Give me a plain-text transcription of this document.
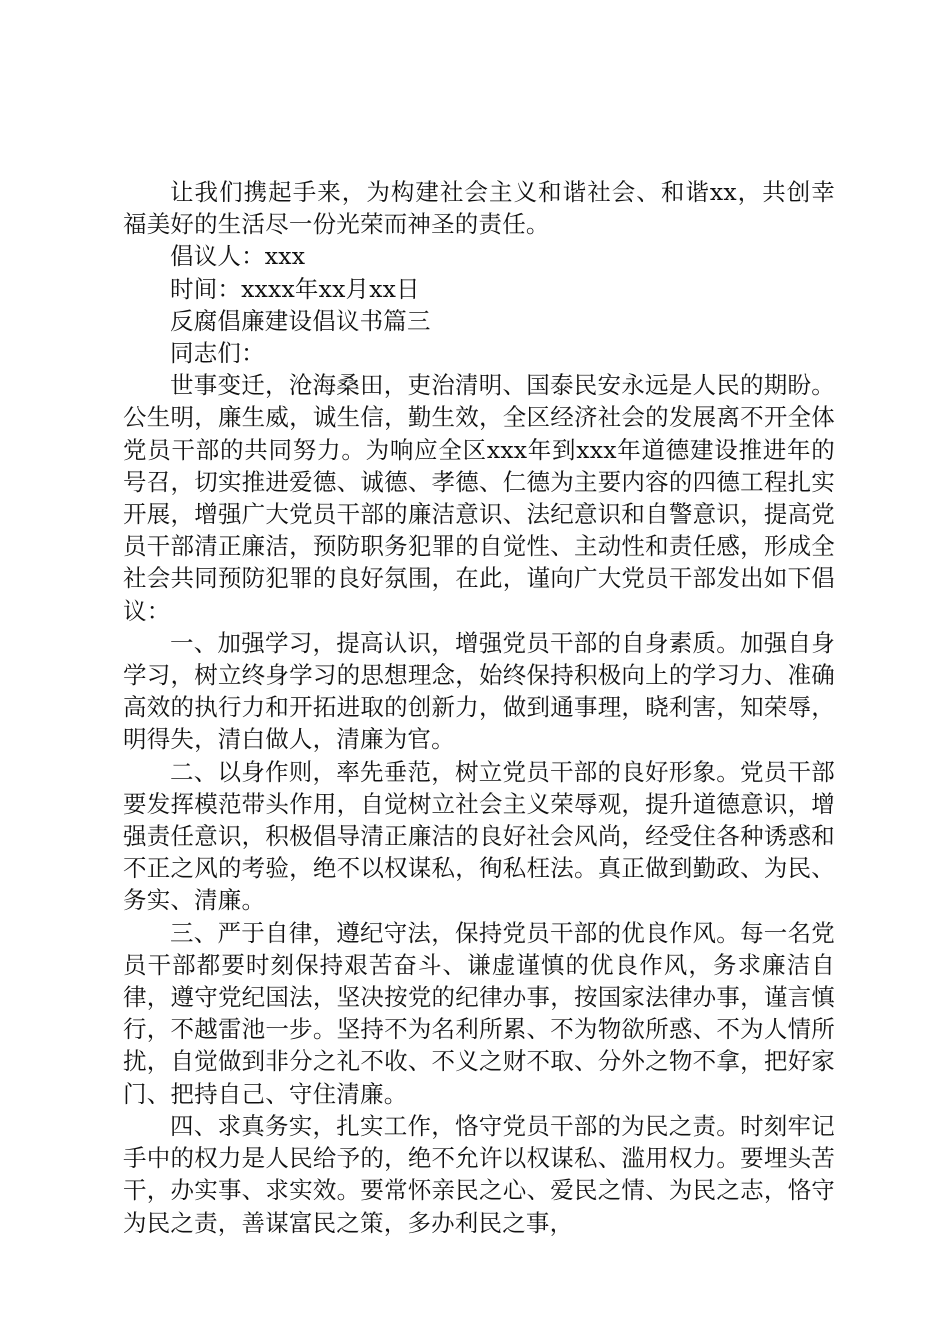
让我们携起手来，为构建社会主义和谐社会、和谐xx，共创幸福美好的生活尽一份光荣而神圣的责任。

倡议人：xxx

时间：xxxx年xx月xx日

反腐倡廉建设倡议书篇三

同志们：

世事变迁，沧海桑田，吏治清明、国泰民安永远是人民的期盼。公生明，廉生威，诚生信，勤生效，全区经济社会的发展离不开全体党员干部的共同努力。为响应全区xxx年到xxx年道德建设推进年的号召，切实推进爱德、诚德、孝德、仁德为主要内容的四德工程扎实开展，增强广大党员干部的廉洁意识、法纪意识和自警意识，提高党员干部清正廉洁，预防职务犯罪的自觉性、主动性和责任感，形成全社会共同预防犯罪的良好氛围，在此，谨向广大党员干部发出如下倡议：

一、加强学习，提高认识，增强党员干部的自身素质。加强自身学习，树立终身学习的思想理念，始终保持积极向上的学习力、准确高效的执行力和开拓进取的创新力，做到通事理，晓利害，知荣辱，明得失，清白做人，清廉为官。

二、以身作则，率先垂范，树立党员干部的良好形象。党员干部要发挥模范带头作用，自觉树立社会主义荣辱观，提升道德意识，增强责任意识，积极倡导清正廉洁的良好社会风尚，经受住各种诱惑和不正之风的考验，绝不以权谋私，徇私枉法。真正做到勤政、为民、务实、清廉。

三、严于自律，遵纪守法，保持党员干部的优良作风。每一名党员干部都要时刻保持艰苦奋斗、谦虚谨慎的优良作风，务求廉洁自律，遵守党纪国法，坚决按党的纪律办事，按国家法律办事，谨言慎行，不越雷池一步。坚持不为名利所累、不为物欲所惑、不为人情所扰，自觉做到非分之礼不收、不义之财不取、分外之物不拿，把好家门、把持自己、守住清廉。

四、求真务实，扎实工作，恪守党员干部的为民之责。时刻牢记手中的权力是人民给予的，绝不允许以权谋私、滥用权力。要埋头苦干，办实事、求实效。要常怀亲民之心、爱民之情、为民之志，恪守为民之责，善谋富民之策，多办利民之事，
